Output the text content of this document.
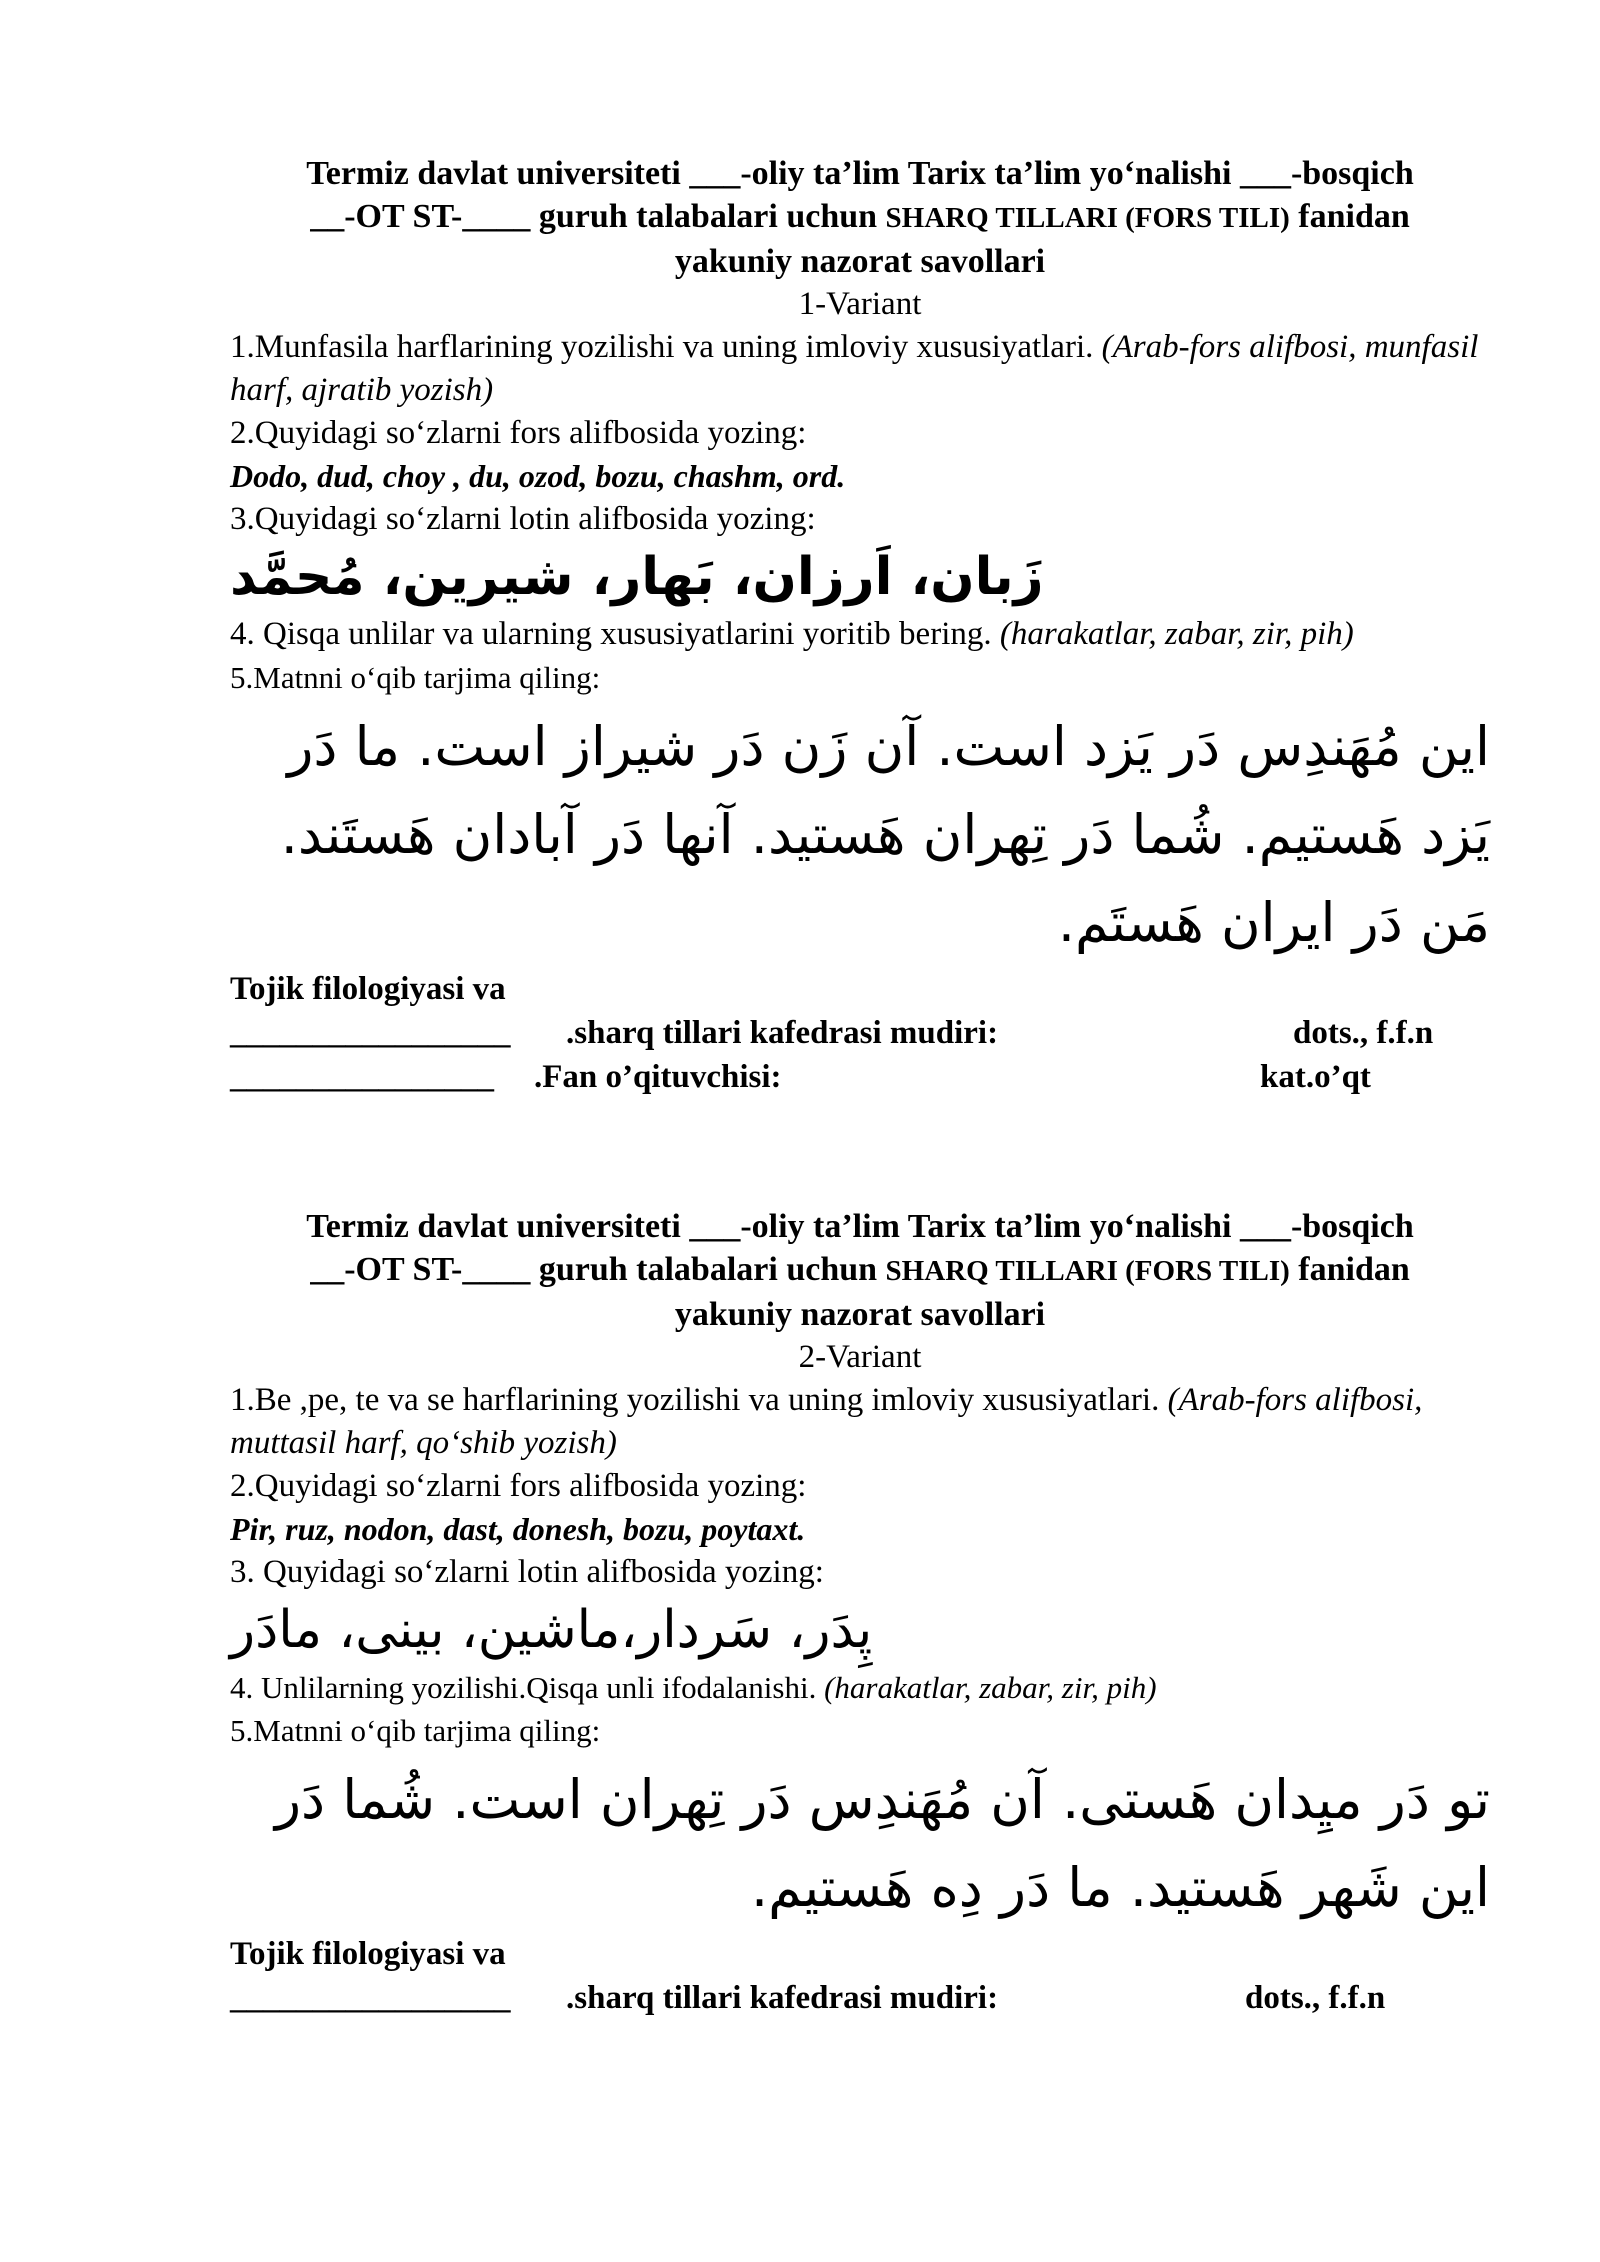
Termiz davlat universiteti ___-oliy ta’lim Tarix ta’lim yo‘nalishi ___-bosqich
__-OT ST-____ guruh talabalari uchun SHARQ TILLARI (FORS TILI) fanidan
yakuniy nazorat savollari
1-Variant
1.Munfasila harflarining yozilishi va uning imloviy xususiyatlari. (Arab-fors alifbosi, munfasil harf, ajratib yozish)
2.Quyidagi so‘zlarni fors alifbosida yozing:
Dodo, dud, choy , du, ozod, bozu, chashm, ord.
3.Quyidagi so‘zlarni lotin alifbosida yozing:
زَبان، اَرزان، بَهار، شیرین، مُحمَّد
4. Qisqa unlilar va ularning xususiyatlarini yoritib bering. (harakatlar, zabar, zir, pih)
5.Matnni o‘qib tarjima qiling:
این مُهَندِس دَر یَزد است. آن زَن دَر شیراز است. ما دَر یَزد هَستیم. شُما دَر تِهران هَستید. آنها دَر آبادان هَستَند. مَن دَر ایران هَستَم.
Tojik filologiyasi va
_________________ .sharq tillari kafedrasi mudiri:	dots., f.f.n
________________ .Fan o’qituvchisi:	kat.o’qt
Termiz davlat universiteti ___-oliy ta’lim Tarix ta’lim yo‘nalishi ___-bosqich
__-OT ST-____ guruh talabalari uchun SHARQ TILLARI (FORS TILI) fanidan
yakuniy nazorat savollari
2-Variant
1.Be ,pe, te va se harflarining yozilishi va uning imloviy xususiyatlari. (Arab-fors alifbosi, muttasil harf, qo‘shib yozish)
2.Quyidagi so‘zlarni fors alifbosida yozing:
Pir, ruz, nodon, dast, donesh, bozu, poytaxt.
3. Quyidagi so‘zlarni lotin alifbosida yozing:
پِدَر، سَردار،ماشین، بینی، مادَر
4. Unlilarning yozilishi.Qisqa unli ifodalanishi. (harakatlar, zabar, zir, pih)
5.Matnni o‘qib tarjima qiling:
تو دَر میِدان هَستی. آن مُهَندِس دَر تِهران است. شُما دَر این شَهر هَستید. ما دَر دِه هَستیم.
Tojik filologiyasi va
_________________ .sharq tillari kafedrasi mudiri:	dots., f.f.n
